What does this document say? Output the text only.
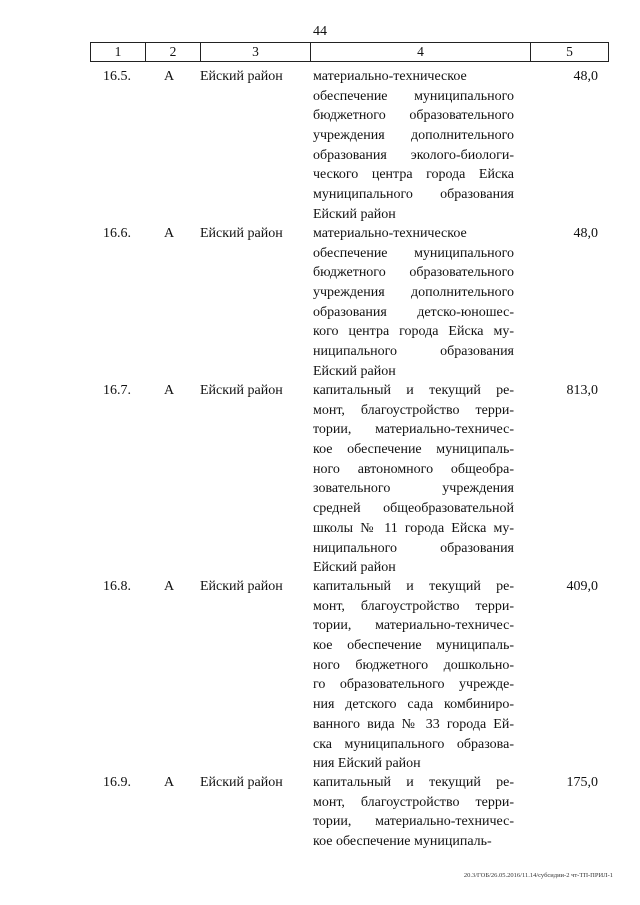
44
1	2	3	4	5
16.5. А Ейский район материально-техническое
обеспечение муниципального
бюджетного образовательного
учреждения дополнительного
образования эколого-биологи-
ческого центра города Ейска
муниципального образования
Ейский район
48,0
16.6. А Ейский район материально-техническое
обеспечение муниципального
бюджетного образовательного
учреждения дополнительного
образования детско-юношес-
кого центра города Ейска му-
ниципального образования
Ейский район
48,0
16.7. А Ейский район капитальный и текущий ре-
монт, благоустройство терри-
тории, материально-техничес-
кое обеспечение муниципаль-
ного автономного общеобра-
зовательного учреждения
средней общеобразовательной
школы № 11 города Ейска му-
ниципального образования
Ейский район
813,0
16.8. А Ейский район капитальный и текущий ре-
монт, благоустройство терри-
тории, материально-техничес-
кое обеспечение муниципаль-
ного бюджетного дошкольно-
го образовательного учрежде-
ния детского сада комбиниро-
ванного вида № 33 города Ей-
ска муниципального образова-
ния Ейский район
409,0
16.9. А Ейский район капитальный и текущий ре-
монт, благоустройство терри-
тории, материально-техничес-
кое обеспечение муниципаль-
175,0
20.3/ГОБ/26.05.2016/11.14/субсидии-2 чт-ТП-ПРИЛ-1
